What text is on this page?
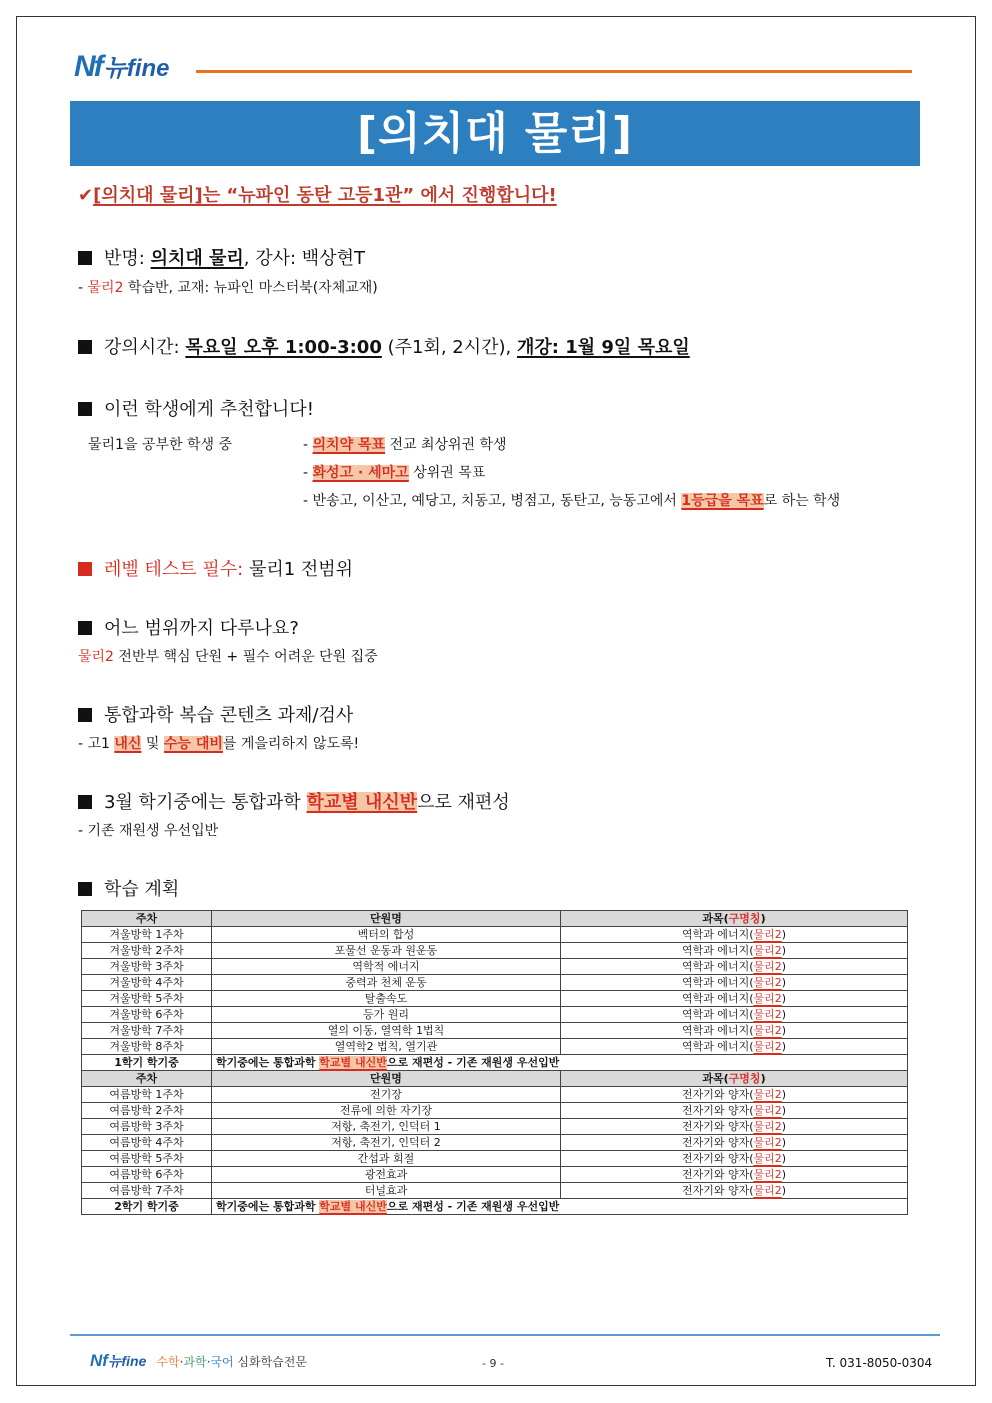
Nf 뉴fine
[의치대 물리]
✔[의치대 물리]는 “뉴파인 동탄 고등1관” 에서 진행합니다!
반명: 의치대 물리, 강사: 백상현T
- 물리2 학습반, 교재: 뉴파인 마스터북(자체교재)
강의시간: 목요일 오후 1:00-3:00 (주1회, 2시간), 개강: 1월 9일 목요일
이런 학생에게 추천합니다!
물리1을 공부한 학생 중	- 의치약 목표 전교 최상위권 학생
- 화성고 · 세마고 상위권 목표
- 반송고, 이산고, 예당고, 치동고, 병점고, 동탄고, 능동고에서 1등급을 목표로 하는 학생
레벨 테스트 필수: 물리1 전범위
어느 범위까지 다루나요?
물리2 전반부 핵심 단원 + 필수 어려운 단원 집중
통합과학 복습 콘텐츠 과제/검사
- 고1 내신 및 수능 대비를 게을리하지 않도록!
3월 학기중에는 통합과학 학교별 내신반으로 재편성
- 기존 재원생 우선입반
학습 계획
주차	단원명	과목(구명칭)
겨울방학 1주차	벡터의 합성	역학과 에너지(물리2)
겨울방학 2주차	포물선 운동과 원운동	역학과 에너지(물리2)
겨울방학 3주차	역학적 에너지	역학과 에너지(물리2)
겨울방학 4주차	중력과 천체 운동	역학과 에너지(물리2)
겨울방학 5주차	탈출속도	역학과 에너지(물리2)
겨울방학 6주차	등가 원리	역학과 에너지(물리2)
겨울방학 7주차	열의 이동, 열역학 1법칙	역학과 에너지(물리2)
겨울방학 8주차	열역학2 법칙, 열기관	역학과 에너지(물리2)
1학기 학기중	학기중에는 통합과학 학교별 내신반으로 재편성 - 기존 재원생 우선입반	
주차	단원명	과목(구명칭)
여름방학 1주차	전기장	전자기와 양자(물리2)
여름방학 2주차	전류에 의한 자기장	전자기와 양자(물리2)
여름방학 3주차	저항, 축전기, 인덕터 1	전자기와 양자(물리2)
여름방학 4주차	저항, 축전기, 인덕터 2	전자기와 양자(물리2)
여름방학 5주차	간섭과 회절	전자기와 양자(물리2)
여름방학 6주차	광전효과	전자기와 양자(물리2)
여름방학 7주차	터널효과	전자기와 양자(물리2)
2학기 학기중	학기중에는 통합과학 학교별 내신반으로 재편성 - 기존 재원생 우선입반	
Nf 뉴fine 수학·과학·국어 심화학습전문	- 9 -	T. 031-8050-0304
